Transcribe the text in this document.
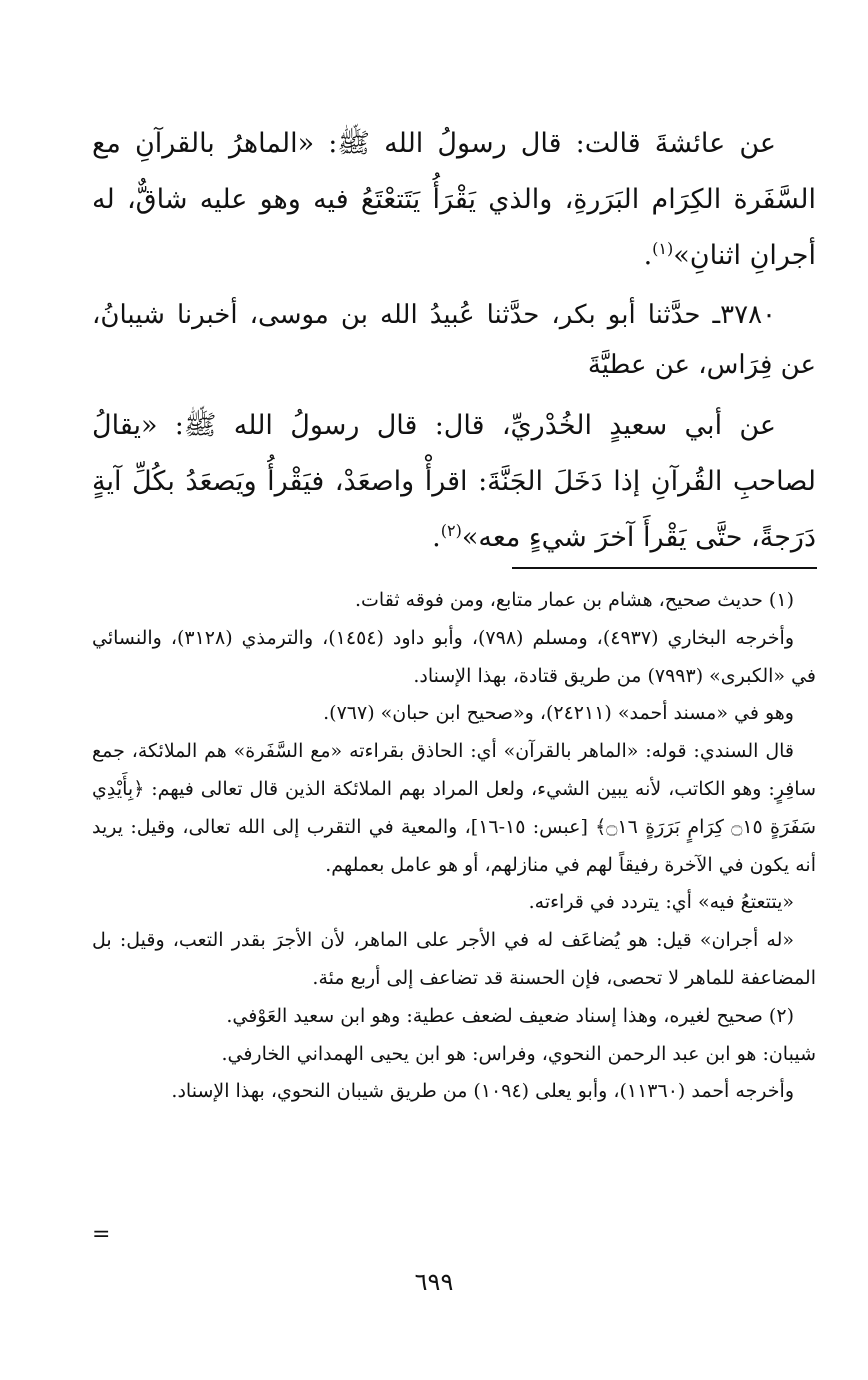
عن عائشةَ قالت: قال رسولُ الله ﷺ: «الماهرُ بالقرآنِ مع السَّفَرة الكِرَام البَرَرةِ، والذي يَقْرَأُ يَتَتعْتَعُ فيه وهو عليه شاقٌّ، له أجرانِ اثنانِ»$^{(١)}$.

٣٧٨٠ـ حدَّثنا أبو بكر، حدَّثنا عُبيدُ الله بن موسى، أخبرنا شيبانُ، عن فِرَاس، عن عطيَّةَ

عن أبي سعيدٍ الخُدْريِّ، قال: قال رسولُ الله ﷺ: «يقالُ لصاحبِ القُرآنِ إذا دَخَلَ الجَنَّةَ: اقرأْ واصعَدْ، فيَقْرأُ ويَصعَدُ بكُلِّ آيةٍ دَرَجةً، حتَّى يَقْرأَ آخرَ شيءٍ معه»$^{(٢)}$.

(١) حديث صحيح، هشام بن عمار متابع، ومن فوقه ثقات.

وأخرجه البخاري (٤٩٣٧)، ومسلم (٧٩٨)، وأبو داود (١٤٥٤)، والترمذي (٣١٢٨)، والنسائي في «الكبرى» (٧٩٩٣) من طريق قتادة، بهذا الإسناد.

وهو في «مسند أحمد» (٢٤٢١١)، و«صحيح ابن حبان» (٧٦٧).

قال السندي: قوله: «الماهر بالقرآن» أي: الحاذق بقراءته «مع السَّفَرة» هم الملائكة، جمع سافِرٍ: وهو الكاتب، لأنه يبين الشيء، ولعل المراد بهم الملائكة الذين قال تعالى فيهم: ﴿بِأَيْدِي سَفَرَةٍ ۝١٥ كِرَامٍ بَرَرَةٍ ۝١٦﴾ [عبس: ١٥-١٦]، والمعية في التقرب إلى الله تعالى، وقيل: يريد أنه يكون في الآخرة رفيقاً لهم في منازلهم، أو هو عامل بعملهم.

«يتتعتعُ فيه» أي: يتردد في قراءته.

«له أجران» قيل: هو يُضاعَف له في الأجر على الماهر، لأن الأجرَ بقدر التعب، وقيل: بل المضاعفة للماهر لا تحصى، فإن الحسنة قد تضاعف إلى أربع مئة.

(٢) صحيح لغيره، وهذا إسناد ضعيف لضعف عطية: وهو ابن سعيد العَوْفي.

شيبان: هو ابن عبد الرحمن النحوي، وفراس: هو ابن يحيى الهمداني الخارفي.

وأخرجه أحمد (١١٣٦٠)، وأبو يعلى (١٠٩٤) من طريق شيبان النحوي، بهذا الإسناد.

=
٦٩٩
